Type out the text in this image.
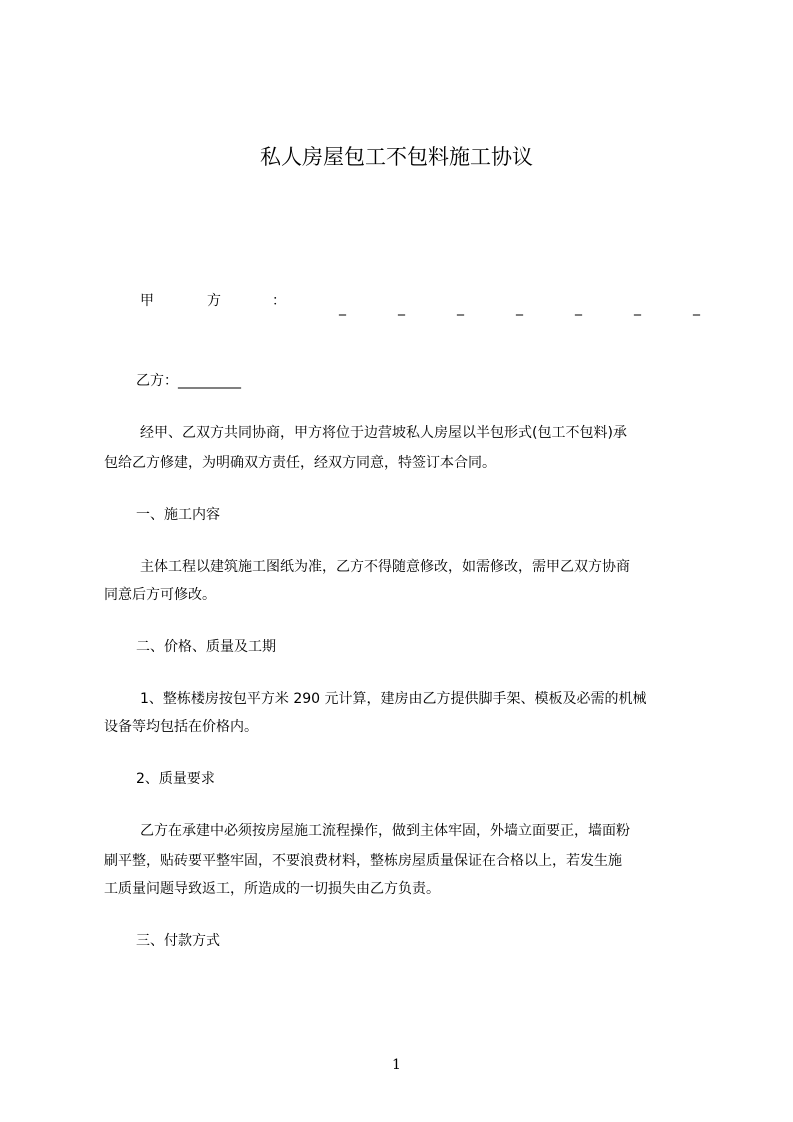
私人房屋包工不包料施工协议
甲	方	：	_	_	_	_	_	_	_
乙方：_________
经甲、乙双方共同协商，甲方将位于边营坡私人房屋以半包形式(包工不包料)承
包给乙方修建，为明确双方责任，经双方同意，特签订本合同。
一、施工内容
主体工程以建筑施工图纸为准，乙方不得随意修改，如需修改，需甲乙双方协商
同意后方可修改。
二、价格、质量及工期
1、整栋楼房按包平方米 290 元计算，建房由乙方提供脚手架、模板及必需的机械
设备等均包括在价格内。
2、质量要求
乙方在承建中必须按房屋施工流程操作，做到主体牢固，外墙立面要正，墙面粉
刷平整，贴砖要平整牢固，不要浪费材料，整栋房屋质量保证在合格以上，若发生施
工质量问题导致返工，所造成的一切损失由乙方负责。
三、付款方式
1
